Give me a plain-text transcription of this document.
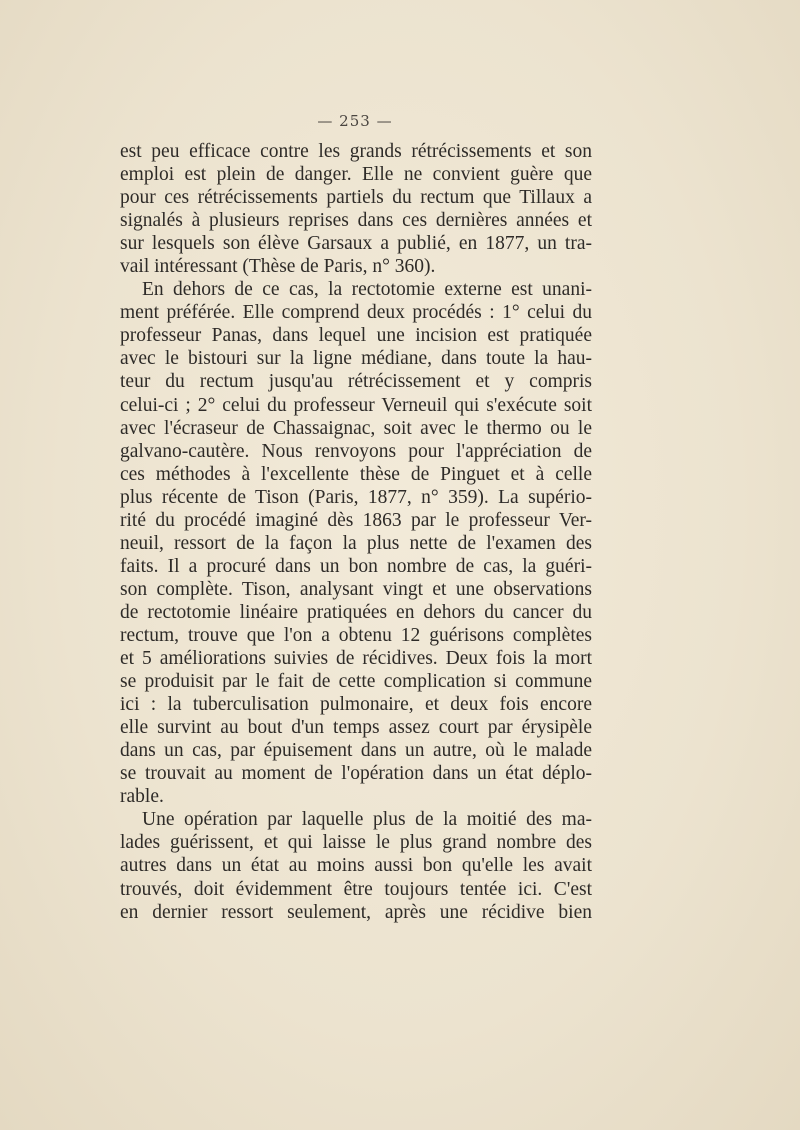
— 253 —
est peu efficace contre les grands rétrécissements et son
emploi est plein de danger. Elle ne convient guère que
pour ces rétrécissements partiels du rectum que Tillaux a
signalés à plusieurs reprises dans ces dernières années et
sur lesquels son élève Garsaux a publié, en 1877, un tra-
vail intéressant (Thèse de Paris, n° 360).
En dehors de ce cas, la rectotomie externe est unani-
ment préférée. Elle comprend deux procédés : 1° celui du
professeur Panas, dans lequel une incision est pratiquée
avec le bistouri sur la ligne médiane, dans toute la hau-
teur du rectum jusqu'au rétrécissement et y compris
celui-ci ; 2° celui du professeur Verneuil qui s'exécute soit
avec l'écraseur de Chassaignac, soit avec le thermo ou le
galvano-cautère. Nous renvoyons pour l'appréciation de
ces méthodes à l'excellente thèse de Pinguet et à celle
plus récente de Tison (Paris, 1877, n° 359). La supério-
rité du procédé imaginé dès 1863 par le professeur Ver-
neuil, ressort de la façon la plus nette de l'examen des
faits. Il a procuré dans un bon nombre de cas, la guéri-
son complète. Tison, analysant vingt et une observations
de rectotomie linéaire pratiquées en dehors du cancer du
rectum, trouve que l'on a obtenu 12 guérisons complètes
et 5 améliorations suivies de récidives. Deux fois la mort
se produisit par le fait de cette complication si commune
ici : la tuberculisation pulmonaire, et deux fois encore
elle survint au bout d'un temps assez court par érysipèle
dans un cas, par épuisement dans un autre, où le malade
se trouvait au moment de l'opération dans un état déplo-
rable.
Une opération par laquelle plus de la moitié des ma-
lades guérissent, et qui laisse le plus grand nombre des
autres dans un état au moins aussi bon qu'elle les avait
trouvés, doit évidemment être toujours tentée ici. C'est
en dernier ressort seulement, après une récidive bien
